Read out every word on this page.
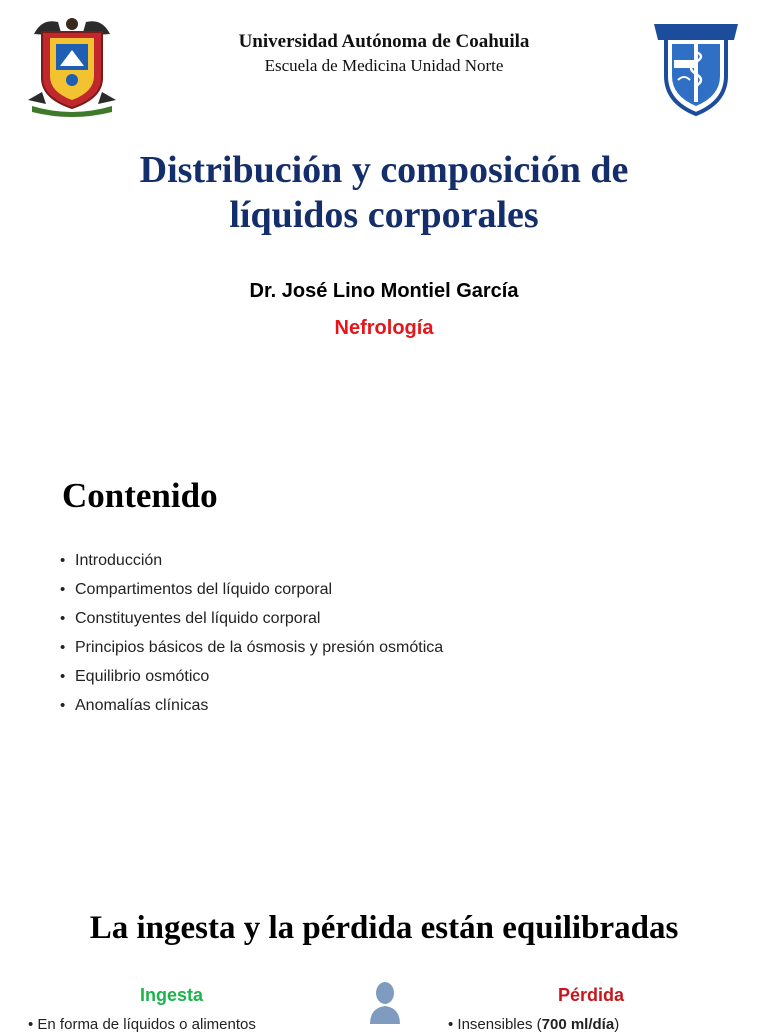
Universidad Autónoma de Coahuila
Escuela de Medicina Unidad Norte
Distribución y composición de
líquidos corporales
Dr. José Lino Montiel García
Nefrología
Contenido
• Introducción
• Compartimentos del líquido corporal
• Constituyentes del líquido corporal
• Principios básicos de la ósmosis y presión osmótica
• Equilibrio osmótico
• Anomalías clínicas
La ingesta y la pérdida están equilibradas
Ingesta	Pérdida
• En forma de líquidos o alimentos	• Insensibles (700 ml/día)
